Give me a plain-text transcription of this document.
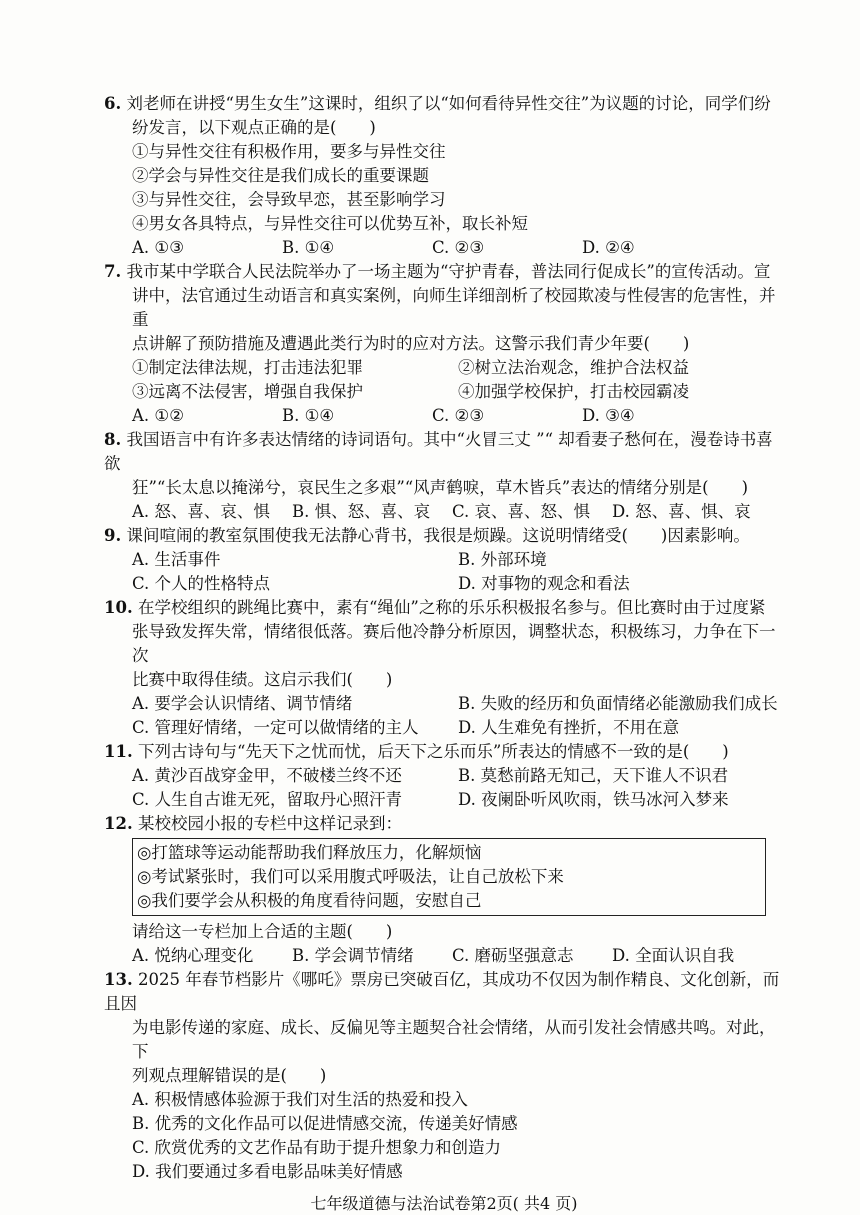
6. 刘老师在讲授“男生女生”这课时，组织了以“如何看待异性交往”为议题的讨论，同学们纷
纷发言，以下观点正确的是(　　)
①与异性交往有积极作用，要多与异性交往
②学会与异性交往是我们成长的重要课题
③与异性交往，会导致早恋，甚至影响学习
④男女各具特点，与异性交往可以优势互补，取长补短
A. ①③	B. ①④	C. ②③	D. ②④
7. 我市某中学联合人民法院举办了一场主题为“守护青春，普法同行促成长”的宣传活动。宣
讲中，法官通过生动语言和真实案例，向师生详细剖析了校园欺凌与性侵害的危害性，并重
点讲解了预防措施及遭遇此类行为时的应对方法。这警示我们青少年要(　　)
①制定法律法规，打击违法犯罪	②树立法治观念，维护合法权益
③远离不法侵害，增强自我保护	④加强学校保护，打击校园霸凌
A. ①②	B. ①④	C. ②③	D. ③④
8. 我国语言中有许多表达情绪的诗词语句。其中“火冒三丈 ”“ 却看妻子愁何在，漫卷诗书喜欲
狂”“长太息以掩涕兮，哀民生之多艰”“风声鹤唳，草木皆兵”表达的情绪分别是(　　)
A. 怒、喜、哀、惧	B. 惧、怒、喜、哀	C. 哀、喜、怒、惧	D. 怒、喜、惧、哀
9. 课间喧闹的教室氛围使我无法静心背书，我很是烦躁。这说明情绪受(　　)因素影响。
A. 生活事件	B. 外部环境
C. 个人的性格特点	D. 对事物的观念和看法
10. 在学校组织的跳绳比赛中，素有“绳仙”之称的乐乐积极报名参与。但比赛时由于过度紧
张导致发挥失常，情绪很低落。赛后他冷静分析原因，调整状态，积极练习，力争在下一次
比赛中取得佳绩。这启示我们(　　)
A. 要学会认识情绪、调节情绪	B. 失败的经历和负面情绪必能激励我们成长
C. 管理好情绪，一定可以做情绪的主人	D. 人生难免有挫折，不用在意
11. 下列古诗句与“先天下之忧而忧，后天下之乐而乐”所表达的情感不一致的是(　　)
A. 黄沙百战穿金甲，不破楼兰终不还	B. 莫愁前路无知己，天下谁人不识君
C. 人生自古谁无死，留取丹心照汗青	D. 夜阑卧听风吹雨，铁马冰河入梦来
12. 某校校园小报的专栏中这样记录到：
◎打篮球等运动能帮助我们释放压力，化解烦恼
◎考试紧张时，我们可以采用腹式呼吸法，让自己放松下来
◎我们要学会从积极的角度看待问题，安慰自己
请给这一专栏加上合适的主题(　　)
A. 悦纳心理变化	B. 学会调节情绪	C. 磨砺坚强意志	D. 全面认识自我
13. 2025 年春节档影片《哪吒》票房已突破百亿，其成功不仅因为制作精良、文化创新，而且因
为电影传递的家庭、成长、反偏见等主题契合社会情绪，从而引发社会情感共鸣。对此，下
列观点理解错误的是(　　)
A. 积极情感体验源于我们对生活的热爱和投入
B. 优秀的文化作品可以促进情感交流，传递美好情感
C. 欣赏优秀的文艺作品有助于提升想象力和创造力
D. 我们要通过多看电影品味美好情感
七年级道德与法治试卷第2页( 共4 页)
